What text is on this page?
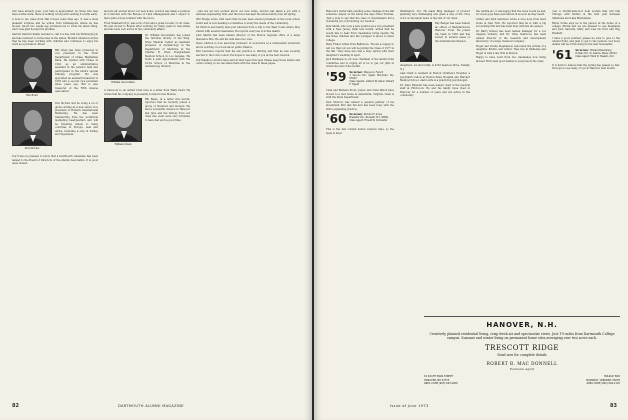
who have already gone, your help is appreciated. So those who may have a little extra, there is nothing wrong with sending it a little early.

A note to me came from Mal Couser some time ago. It was a most pleasant surprise and he writes from Indianapolis where he has moved. About two weeks ago promised me to write his latest thing. And I was glad he kept his promise.

Garrett Dietrich finally decided to call it a day with his Pittsburgh job and has returned to home base in the states. Richard Anderson writes that he has been working with children and continues to enjoy his work as a probation officer.

Rex Bond

Bill Olsen has been promoted to vice president in the Trust Department of Chase Manhattan Bank. He started with Chase in 1962 as an administrative assistant in the pension field and participated in the bank's special training program. He was appointed an assistant treasurer in 1965 and a second vice president three years ago. Bill is also treasurer of the Fifth Avenue Association.

Don McCaw

Don McCaw will be doing a lot of globe-circling as a new senior vice president of Roberts International Marketing. He has been transferring from the worldwide marketing headquarters and will be traveling widely to many countries in Europe, Asia and Africa, including a stop in Turkey and Yugoslavia.

You'll also be pleased to know that a Dartmouth classmate has been named to the Board of Directors of the Alumni Association. It is good news indeed.

and are all excited about our new home. Gordon has taken a position at Controller with the Bureau of Land Management and I expect to have quite a busy summer with the move.

Frost Weatherford Jr. was a bit of fun and a great booster of our class. He was moved to Boston after working for many years in real estate and has been very active in the community affairs.

William Devonshire

Dr. William Devonshire has joined the full-time faculty of the King-Drew Medical Center as assistant professor of dermatology in the Department of Medicine at the Charles R. Drew Postgraduate Medical School in Los Angeles. He holds a joint appointment with the UCLA School of Medicine in the dermatology division.

A follow-up to an earlier brief note is a letter from Wally Pearl. He writes that his company is presently located in Des Moines.

William Olsen

Bill Bates, in a letter this month, reported that he recently joined a group of investors and brokers. We had a wonderful reunion in Hanover last June and the fellows from our class who went were very fortunate to have had such a good time.

...and are all very excited about our new home. Gordon has taken a job with a national engineering firm, and the move has kept the whole family busy all spring.

Will Hodge wrote with news that he has been elected president of the local school board and is now heading a committee to study the needs of the community.

Ed Morrow and family have just returned from a trip to the West Coast where they visited with several classmates. He reports everyone is in fine health.

John Martin has been named director of the Boston regional office of a large insurance firm. He and his wife have two sons.

Steve Carlson is now associate professor of economics at a midwestern university and is working on a book about public finance.

Phil Lawrence reports that his law practice is thriving and that he was recently elected to the town council. He hopes to see many of you at the next reunion.

Our thanks to all who have sent in their news this year. Please keep those letters and cards coming so we can share them with the class in these pages.

DARTMOUTH ALUMNI MAGAZINE
82

Hanover's better half, pending some changes in the fall schedule, stayed on the whole five days. Peter Thomas, 'Just a note to say that the class of cheerleaders did a wonderful job of promoting our reunion.'

Pete Smith, who took a new position as a vice president with a New Jersey bank last month, writes that he would like to hear from classmates living nearby. He has three children and the youngest is about to enter college.

Mary Fisher writes from Baltimore, 'We are so happy to tell you that our son will be joining the Class of 1977 in the fall.' They have also had a busy spring with their daughter's wedding in April.

Jack Harkness is our new chairman of the alumni fund committee and is urging all of us to get our gifts in before the end of the month.

'59 Secretary, Wayne G. French
7 Vernon Rd., Upper Montclair, N.J. 07043
Class Agents: Gilbert W. Kezar, Robert F. Tippet

Clem and Barbara Prout, Junior, and Clem Mixon have moved to a new home in Alexandria, Virginia. Clem is with the State Department.

Dick Morrow was named a general partner of his investment firm last fall and has been busy with the firm's expanding practice.

'60 Secretary, Richard F. Jones
Brewster Rd., Norwalk, N.Y. 10601
Class Agent: Ernest W. Schneider

This is the last column before reunion time, so the news is brief.

Washington, D.C. He leads Bing manager of product planning very challenging and great a way of life. Nice word on the latest news of the rest of our class.

Ray Badger has been named an officer of Manufacturers Hanover Trust. He joined the bank in 1965 and has served in several areas of the international division.

daughters, six and Cathy, is 4742 Seaview Drive, Tenafly, N.J.

Alan Clark is resident at Boston Children's Hospital, a psychiatric fellow at Boston State Hospital and Harvard Medical School. Alan's wife is a practicing psychologist.

Dr. Dave Ellender has been named chief of the medical staff at Hitchcock. He and his family have lived in Hanover for a number of years and are active in the community.

the cartilla etc.) I was happy that the news would be bad, for a few guys have sent letters in as soon as they heard.

Arthur and Dick Davidson wrote a nice note from their home in New York. He reported that he is with a big accounting firm and has been busy with the tax season.

Dr. Barry Gibson has been named manager for a Los Angeles industry and Dr. Chay Yearwood has been named director of the research and development laboratory of a large chemical company.

Roger and Donna Stephanson welcomed the arrival of a daughter, Kristin, last winter. They live in Wellesley and Roger is with a law firm in Boston.

Happy to have word from two classmates now living abroad. Both send good wishes to everyone in the class.

over a 50,000-mile-tour boat system that will link Chicago with Mobile in the next year between Oklahoma and Lake Minnehana.

Rufus Noble says he is the person at the home of a college official and we are pleased to see Stephanie and John Garretts, Mary and Lisa Du Pont and Reg Hasklett.

I have a good summer, please be sure to give to the Alumni Fund, and plan to get to the reunion. Get more details will be forthcoming in the next Newsletter.

'61 Secretary, Howard Rosenberg
6 Dean Rd., N. Adams, Mass. 02154
Class Agent: Mark D. Hewell, 2nd

It is hard to believe that the spring has passed so fast. We hope to see many of you in Hanover next month.

HANOVER, N.H.
Creatively planned residential living, crisp fresh air and spectacular views. Just 1½ miles from Dartmouth College campus. Summer and winter living on permanent home sites averaging over two acres each.
TRESCOTT RIDGE
Send now for complete details
ROBERT B. MAC DONNELL
Exclusive Agent
16 SOUTH MAIN STREET
HANOVER, NH 03755
AREA CODE (603) 643-2000
HOLIDAY BOX
NORWICH, VERMONT 05055
AREA CODE (802) 649-1125
Issue of June 1973	83
